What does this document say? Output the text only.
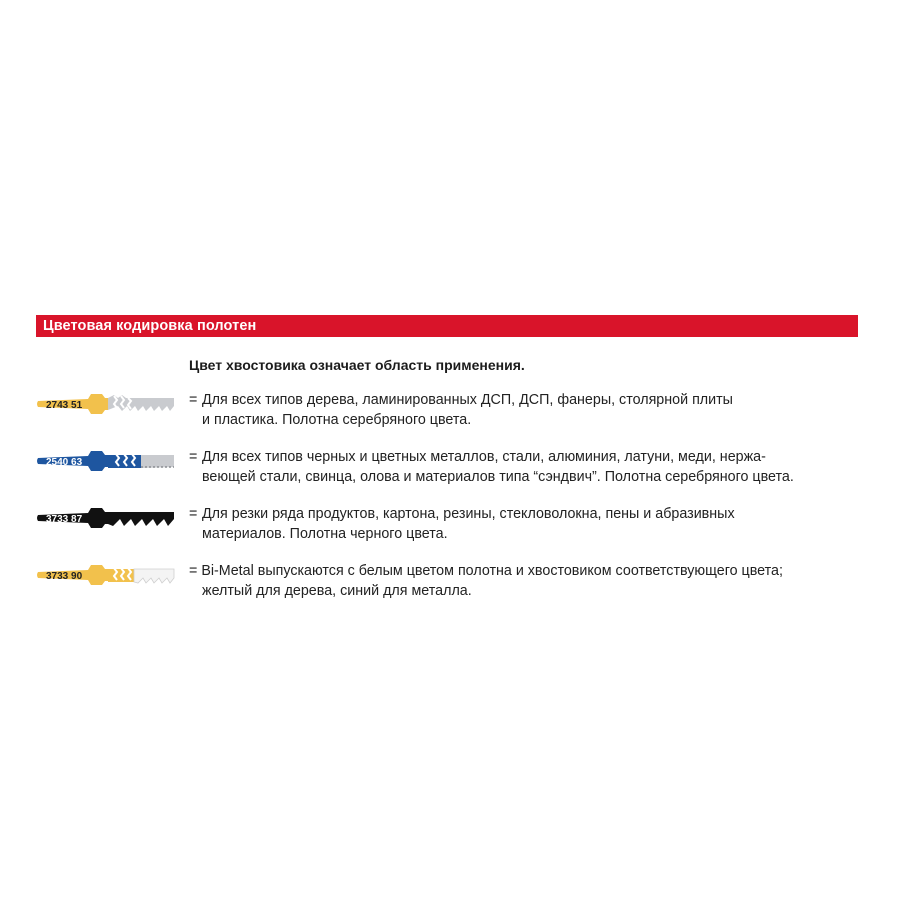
Цветовая кодировка полотен
Цвет хвостовика означает область применения.
2743 51	= Для всех типов дерева, ламинированных ДСП, ДСП, фанеры, столярной плиты
и пластика. Полотна серебряного цвета.
2540 63	= Для всех типов черных и цветных металлов, стали, алюминия, латуни, меди, нержа-
веющей стали, свинца, олова и материалов типа “сэндвич”. Полотна серебряного цвета.
3733 87	= Для резки ряда продуктов, картона, резины, стекловолокна, пены и абразивных
материалов. Полотна черного цвета.
3733 90	= Bi-Metal выпускаются с белым цветом полотна и хвостовиком соответствующего цвета;
желтый для дерева, синий для металла.
